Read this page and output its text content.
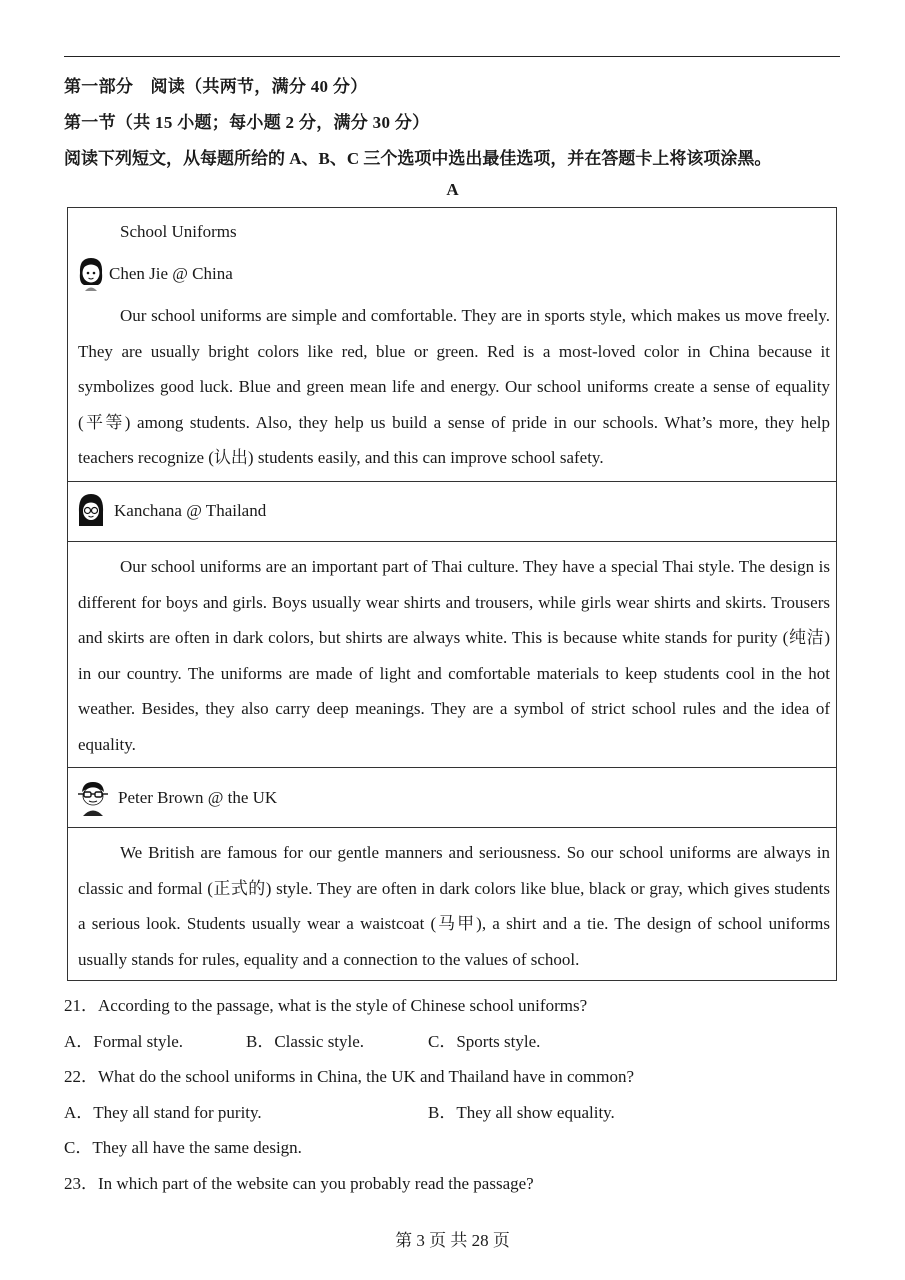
第一部分　阅读（共两节，满分 40 分）
第一节（共 15 小题；每小题 2 分，满分 30 分）
阅读下列短文，从每题所给的 A、B、C 三个选项中选出最佳选项，并在答题卡上将该项涂黑。
A
School Uniforms
Chen Jie @ China

Our school uniforms are simple and comfortable. They are in sports style, which makes us move freely. They are usually bright colors like red, blue or green. Red is a most-loved color in China because it symbolizes good luck. Blue and green mean life and energy. Our school uniforms create a sense of equality (平等) among students. Also, they help us build a sense of pride in our schools. What’s more, they help teachers recognize (认出) students easily, and this can improve school safety.

Kanchana @ Thailand

Our school uniforms are an important part of Thai culture. They have a special Thai style. The design is different for boys and girls. Boys usually wear shirts and trousers, while girls wear shirts and skirts. Trousers and skirts are often in dark colors, but shirts are always white. This is because white stands for purity (纯洁) in our country. The uniforms are made of light and comfortable materials to keep students cool in the hot weather. Besides, they also carry deep meanings. They are a symbol of strict school rules and the idea of equality.

Peter Brown @ the UK

We British are famous for our gentle manners and seriousness. So our school uniforms are always in classic and formal (正式的) style. They are often in dark colors like blue, black or gray, which gives students a serious look. Students usually wear a waistcoat (马甲), a shirt and a tie. The design of school uniforms usually stands for rules, equality and a connection to the values of school.

21．According to the passage, what is the style of Chinese school uniforms?
A．Formal style.	B．Classic style.	C．Sports style.
22．What do the school uniforms in China, the UK and Thailand have in common?
A．They all stand for purity.	B．They all show equality.
C．They all have the same design.
23．In which part of the website can you probably read the passage?
第 3 页 共 28 页
